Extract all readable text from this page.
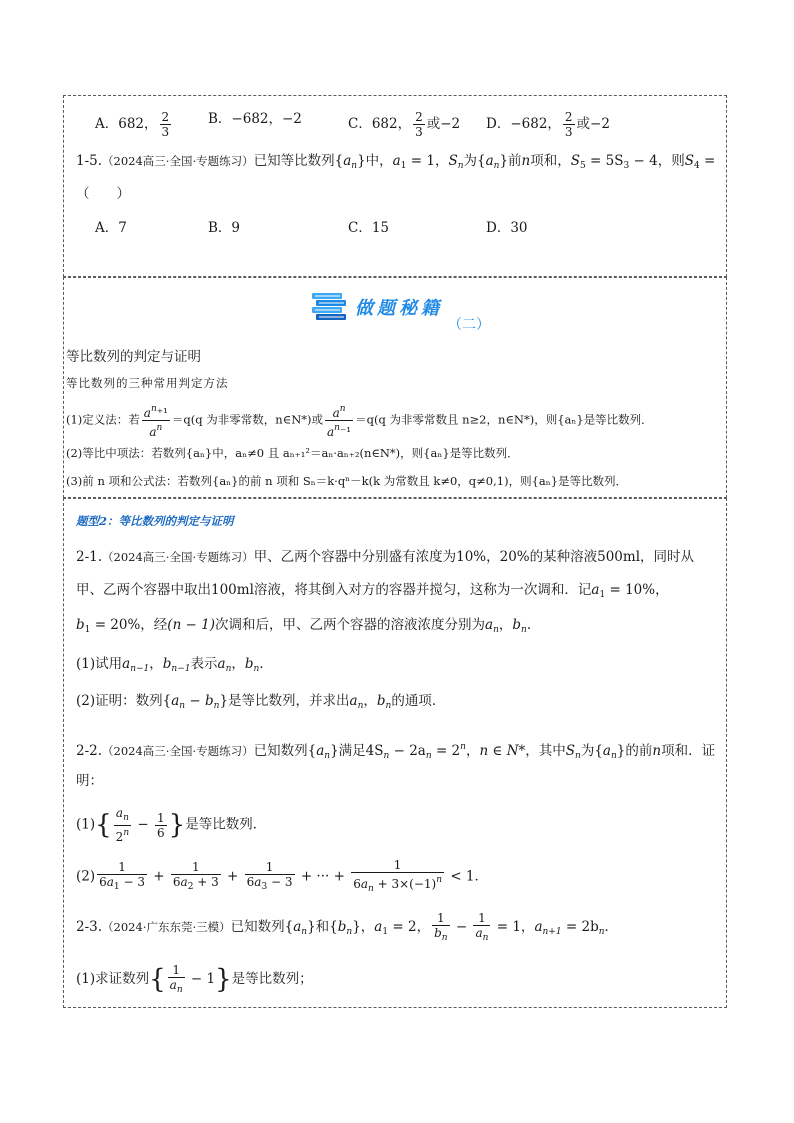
A．682， $\frac{2}{3}$	B．−682，−2	C．682， $\frac{2}{3}$ 或−2 D．−682， $\frac{2}{3}$ 或−2
1-5.（2024高三·全国·专题练习）已知等比数列$\{a_n\}$中，$a_1 = 1$，$S_n$为$\{a_n\}$前n项和，$S_5 = 5S_3 - 4$，则$S_4$ =
（　　）
A．7	B．9	C．15	D．30
做题秘籍
（二）
等比数列的判定与证明
等比数列的三种常用判定方法
(1)定义法：若 $\frac{a^n^{+1}}{a^n} =q(q$ 为非零常数，n∈N*)或 $\frac{a^n}{a^n^{-1}} =q(q$ 为非零常数且 n≥2，n∈N*)，则{aₙ}是等比数列．
(2)等比中项法：若数列{aₙ}中，aₙ≠0 且 aₙ₊₁²＝aₙ·aₙ₊₂(n∈N*)，则{aₙ}是等比数列．
(3)前 n 项和公式法：若数列{aₙ}的前 n 项和 Sₙ＝k·qⁿ－k(k 为常数且 k≠0，q≠0,1)，则{aₙ}是等比数列．
题型2：等比数列的判定与证明
2-1.（2024高三·全国·专题练习）甲、乙两个容器中分别盛有浓度为10%，20%的某种溶液500ml，同时从
甲、乙两个容器中取出100ml溶液，将其倒入对方的容器并搅匀，这称为一次调和．记$a_1 = 10\%$，
$b_1 = 20\%$，经(n − 1)次调和后，甲、乙两个容器的溶液浓度分别为$a_n$，$b_n$．
(1)试用$a_{n-1}$，$b_{n-1}$表示$a_n$，$b_n$．
(2)证明：数列$\{a_n - b_n\}$是等比数列，并求出$a_n$，$b_n$的通项．
2-2.（2024高三·全国·专题练习）已知数列$\{a_n\}$满足$4S_n - 2a_n = 2^n$，n ∈ N*，其中$S_n$为$\{a_n\}$的前n项和．证
明：
$(1)\{ \frac{a_n}{2^n} - \frac{1}{6}$ }是等比数列．
$(2) \frac{1}{6a_1 - 3} + \frac{1}{6a_2 + 3} + \frac{1}{6a_3 - 3}$ + ··· + $\frac{1}{6a_n + 3\times(-1)^n} < 1$．
2-3.（2024·广东东莞·三模）已知数列$\{a_n\}$和$\{b_n\}$，$a_1 = 2$， $\frac{1}{b_n} - \frac{1}{a_n} = 1$，$a_{n+1} = 2b_n$．
(1)求证数列{ $\frac{1}{a_n} - 1$}是等比数列；
